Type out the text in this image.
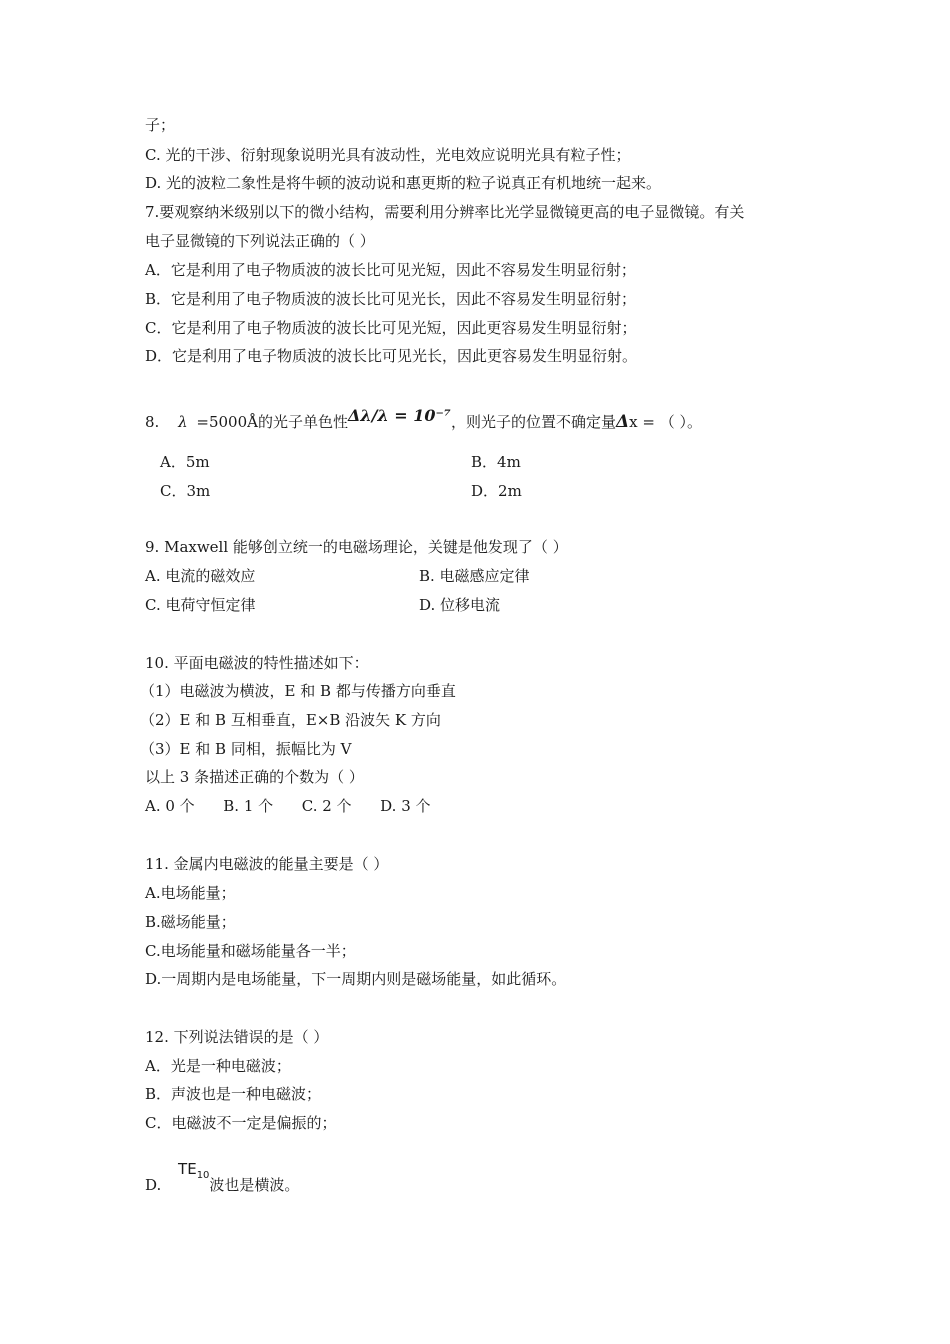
子；
C. 光的干涉、衍射现象说明光具有波动性，光电效应说明光具有粒子性；
D. 光的波粒二象性是将牛顿的波动说和惠更斯的粒子说真正有机地统一起来。
7.要观察纳米级别以下的微小结构，需要利用分辨率比光学显微镜更高的电子显微镜。有关
电子显微镜的下列说法正确的（ ）
A．它是利用了电子物质波的波长比可见光短，因此不容易发生明显衍射；
B．它是利用了电子物质波的波长比可见光长，因此不容易发生明显衍射；
C．它是利用了电子物质波的波长比可见光短，因此更容易发生明显衍射；
D．它是利用了电子物质波的波长比可见光长，因此更容易发生明显衍射。
8. λ =5000Å的光子单色性Δλ/λ = 10⁻⁷，则光子的位置不确定量Δx = （ ）。
A．5m	B．4m
C．3m	D．2m
9. Maxwell 能够创立统一的电磁场理论，关键是他发现了（ ）
A. 电流的磁效应	B. 电磁感应定律
C. 电荷守恒定律	D. 位移电流
10. 平面电磁波的特性描述如下：
（1）电磁波为横波，E 和 B 都与传播方向垂直
（2）E 和 B 互相垂直，E×B 沿波矢 K 方向
（3）E 和 B 同相，振幅比为 V
以上 3 条描述正确的个数为（ ）
A. 0 个      B. 1 个      C. 2 个      D. 3 个
11. 金属内电磁波的能量主要是（ ）
A.电场能量；
B.磁场能量；
C.电场能量和磁场能量各一半；
D.一周期内是电场能量，下一周期内则是磁场能量，如此循环。
12. 下列说法错误的是（ ）
A．光是一种电磁波；
B．声波也是一种电磁波；
C．电磁波不一定是偏振的；
D. $TE_{10}$波也是横波。
